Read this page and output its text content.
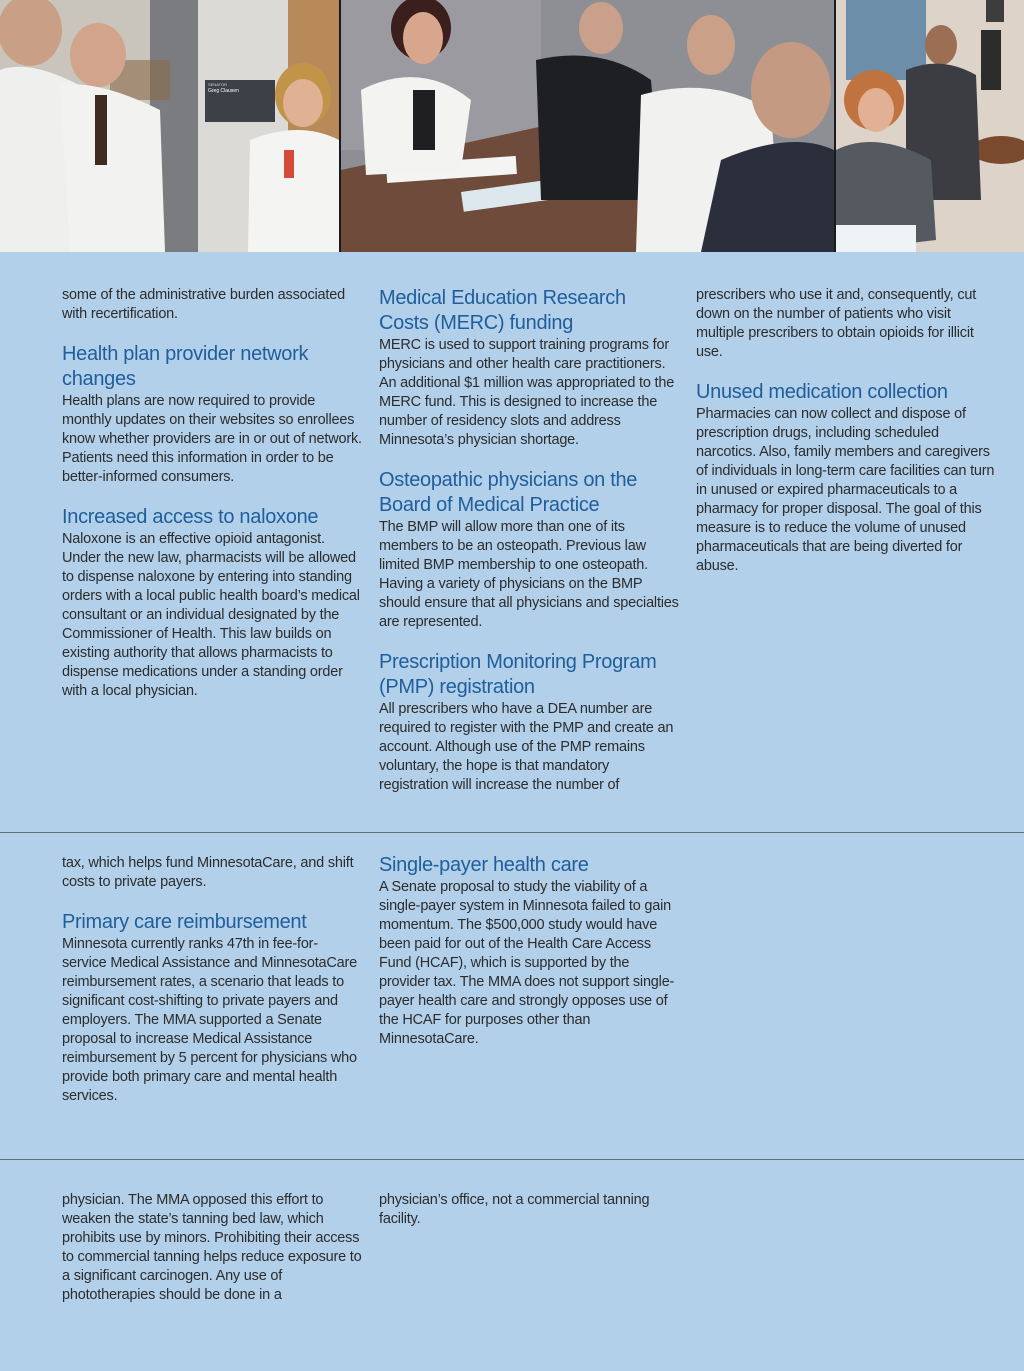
SENATOR
Greg Clausen

some of the administrative burden associated with recertification.

Health plan provider network changes

Health plans are now required to provide monthly updates on their websites so enrollees know whether providers are in or out of network. Patients need this information in order to be better-informed consumers.

Increased access to naloxone

Naloxone is an effective opioid antagonist. Under the new law, pharmacists will be allowed to dispense naloxone by entering into standing orders with a local public health board’s medical consultant or an individual designated by the Commissioner of Health. This law builds on existing authority that allows pharmacists to dispense medications under a standing order with a local physician.

Medical Education Research Costs (MERC) funding

MERC is used to support training programs for physicians and other health care practitioners. An additional $1 million was appropriated to the MERC fund. This is designed to increase the number of residency slots and address Minnesota’s physician shortage.

Osteopathic physicians on the Board of Medical Practice

The BMP will allow more than one of its members to be an osteopath. Previous law limited BMP membership to one osteopath. Having a variety of physicians on the BMP should ensure that all physicians and specialties are represented.

Prescription Monitoring Program (PMP) registration

All prescribers who have a DEA number are required to register with the PMP and create an account. Although use of the PMP remains voluntary, the hope is that mandatory registration will increase the number of

prescribers who use it and, consequently, cut down on the number of patients who visit multiple prescribers to obtain opioids for illicit use.

Unused medication collection

Pharmacies can now collect and dispose of prescription drugs, including scheduled narcotics. Also, family members and caregivers of individuals in long-term care facilities can turn in unused or expired pharmaceuticals to a pharmacy for proper disposal. The goal of this measure is to reduce the volume of unused pharmaceuticals that are being diverted for abuse.

tax, which helps fund MinnesotaCare, and shift costs to private payers.

Primary care reimbursement

Minnesota currently ranks 47th in fee-for-service Medical Assistance and MinnesotaCare reimbursement rates, a scenario that leads to significant cost-shifting to private payers and employers. The MMA supported a Senate proposal to increase Medical Assistance reimbursement by 5 percent for physicians who provide both primary care and mental health services.

Single-payer health care

A Senate proposal to study the viability of a single-payer system in Minnesota failed to gain momentum. The $500,000 study would have been paid for out of the Health Care Access Fund (HCAF), which is supported by the provider tax. The MMA does not support single-payer health care and strongly opposes use of the HCAF for purposes other than MinnesotaCare.

physician. The MMA opposed this effort to weaken the state’s tanning bed law, which prohibits use by minors. Prohibiting their access to commercial tanning helps reduce exposure to a significant carcinogen. Any use of phototherapies should be done in a

physician’s office, not a commercial tanning facility.
